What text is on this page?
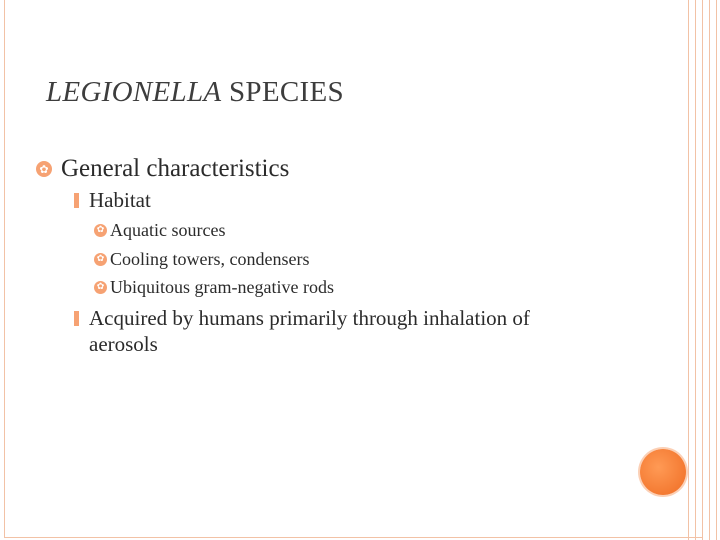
LEGIONELLA SPECIES
✿ General characteristics
Habitat
✿ Aquatic sources
✿ Cooling towers, condensers
✿ Ubiquitous gram-negative rods
Acquired by humans primarily through inhalation of
aerosols
